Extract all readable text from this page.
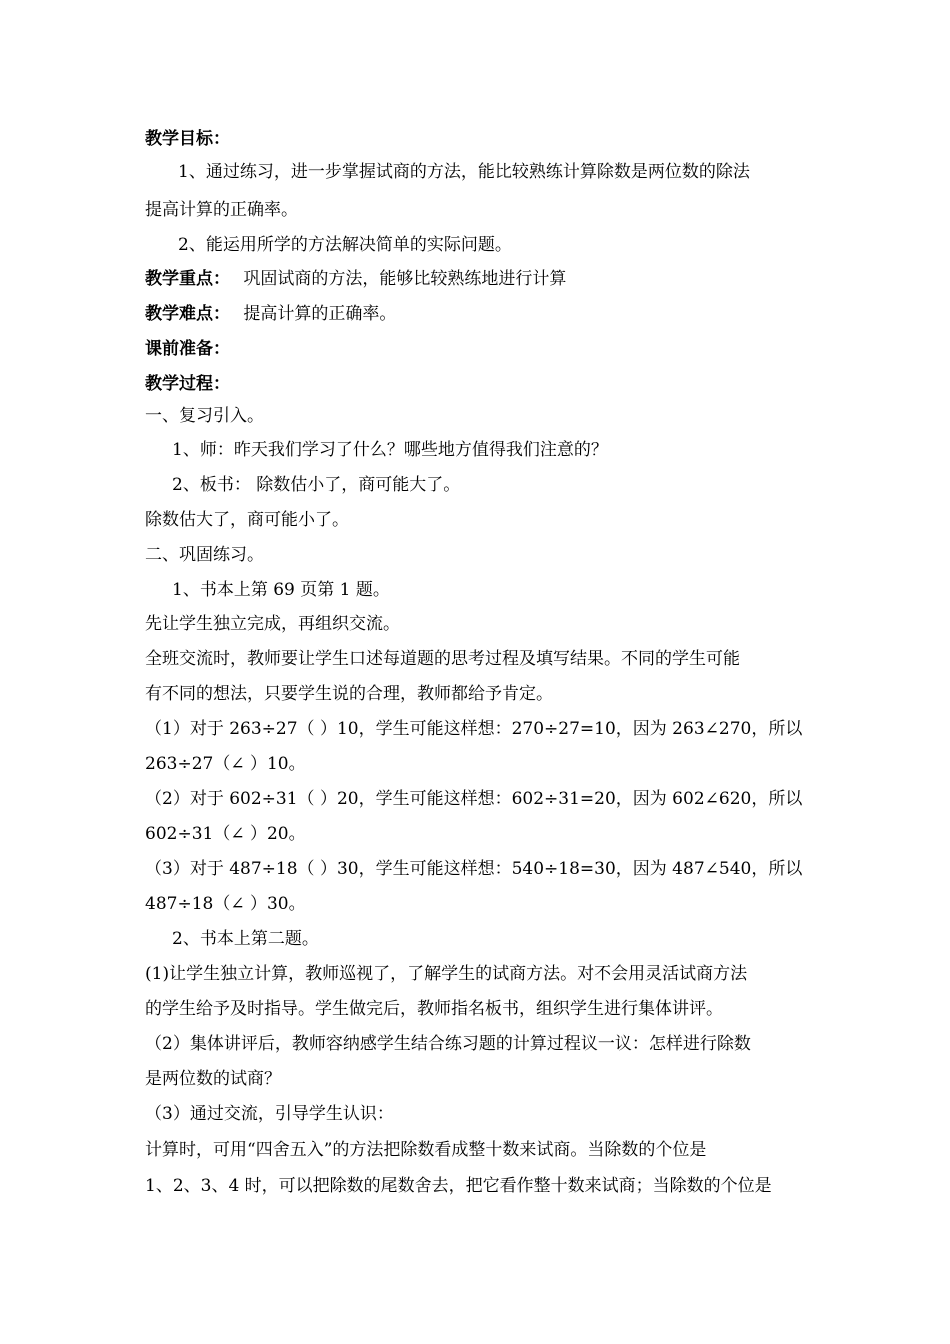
教学目标：
1、通过练习，进一步掌握试商的方法，能比较熟练计算除数是两位数的除法
提高计算的正确率。
2、能运用所学的方法解决简单的实际问题。
教学重点： 巩固试商的方法，能够比较熟练地进行计算
教学难点： 提高计算的正确率。
课前准备：
教学过程：
一、复习引入。
1、师：昨天我们学习了什么？哪些地方值得我们注意的？
2、板书： 除数估小了，商可能大了。
除数估大了，商可能小了。
二、巩固练习。
1、书本上第 69 页第 1 题。
先让学生独立完成，再组织交流。
全班交流时，教师要让学生口述每道题的思考过程及填写结果。不同的学生可能
有不同的想法，只要学生说的合理，教师都给予肯定。
（1）对于 263÷27（ ）10，学生可能这样想：270÷27=10，因为 263∠270，所以
263÷27（∠ ）10。
（2）对于 602÷31（ ）20，学生可能这样想：602÷31=20，因为 602∠620，所以
602÷31（∠ ）20。
（3）对于 487÷18（ ）30，学生可能这样想：540÷18=30，因为 487∠540，所以
487÷18（∠ ）30。
2、书本上第二题。
(1)让学生独立计算，教师巡视了，了解学生的试商方法。对不会用灵活试商方法
的学生给予及时指导。学生做完后，教师指名板书，组织学生进行集体讲评。
（2）集体讲评后，教师容纳感学生结合练习题的计算过程议一议：怎样进行除数
是两位数的试商？
（3）通过交流，引导学生认识：
计算时，可用“四舍五入”的方法把除数看成整十数来试商。当除数的个位是
1、2、3、4 时，可以把除数的尾数舍去，把它看作整十数来试商；当除数的个位是
